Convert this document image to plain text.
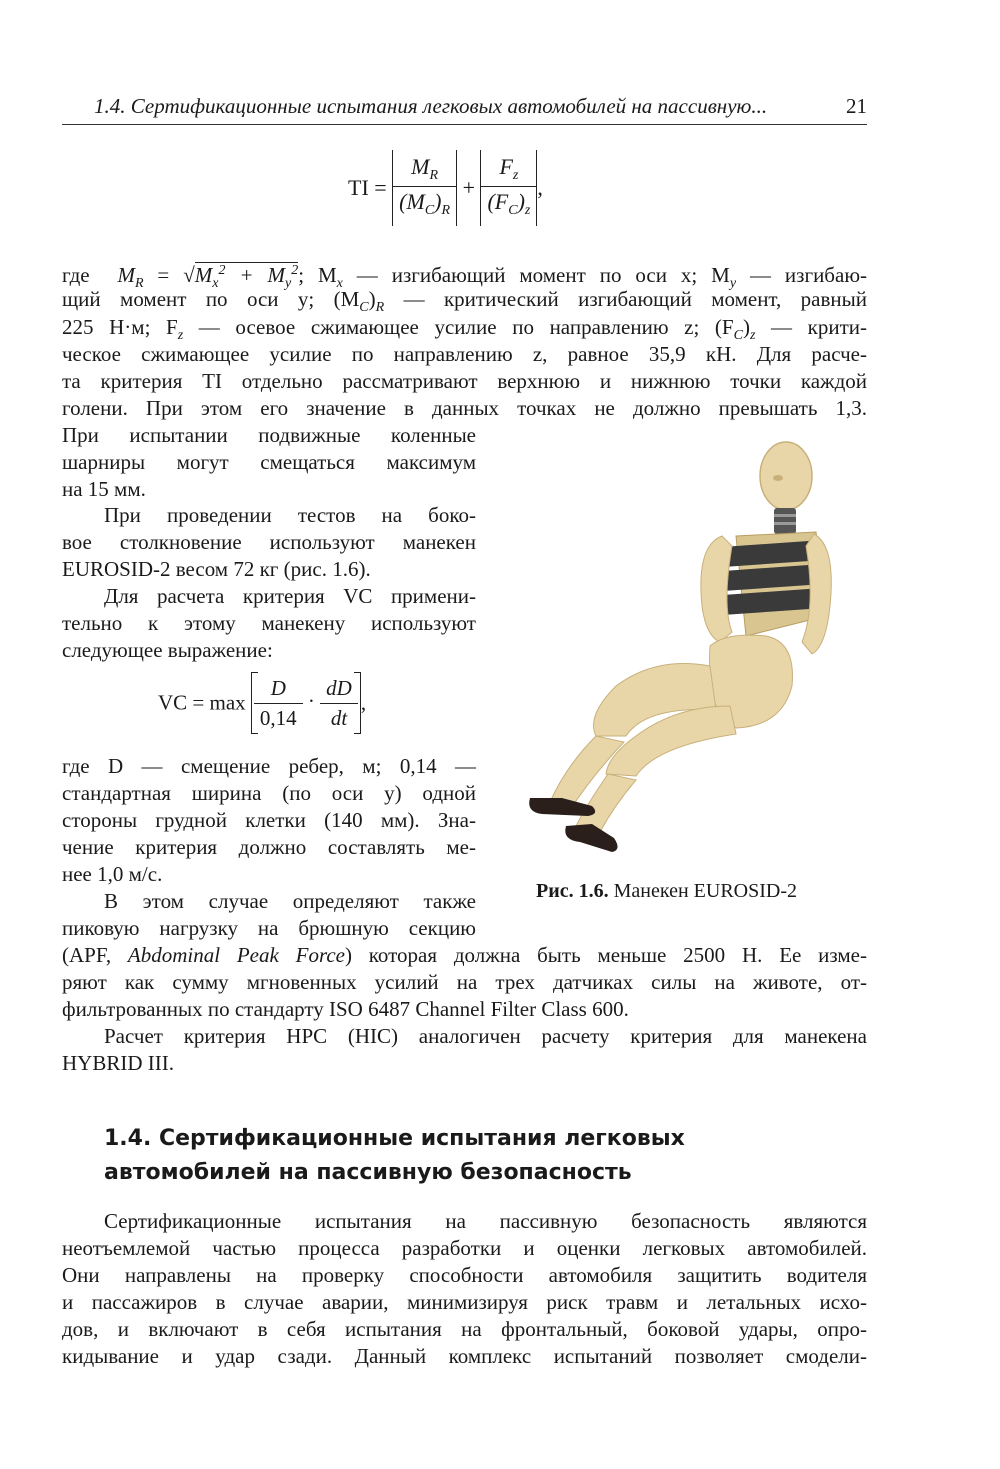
1.4. Сертификационные испытания легковых автомобилей на пассивную...	21
TI = $\frac{M_R}{(M_C)_R} + \frac{F_z}{(F_C)_z}$ ,
где $M_R = √M_x^2 + M_y^2$; $M_x$ — изгибающий момент по оси x; $M_y$ — изгибаю-
щий момент по оси y; $(M_C)_R$ — критический изгибающий момент, равный
225 Н·м; $F_z$ — осевое сжимающее усилие по направлению z; $(F_C)_z$ — крити-
ческое сжимающее усилие по направлению z, равное 35,9 кН. Для расче-
та критерия TI отдельно рассматривают верхнюю и нижнюю точки каждой
голени. При этом его значение в данных точках не должно превышать 1,3.
При испытании подвижные коленные
шарниры могут смещаться максимум
на 15 мм.
При проведении тестов на боко-
вое столкновение используют манекен
EUROSID-2 весом 72 кг (рис. 1.6).
Для расчета критерия VC примени-
тельно к этому манекену используют
следующее выражение:
VC = $\max \frac{D}{0,14} \cdot \frac{dD}{dt}$ ,
где D — смещение ребер, м; 0,14 —
стандартная ширина (по оси y) одной
стороны грудной клетки (140 мм). Зна-
чение критерия должно составлять ме-
нее 1,0 м/с.
В этом случае определяют также
пиковую нагрузку на брюшную секцию
(APF, Abdominal Peak Force) которая должна быть меньше 2500 Н. Ее изме-
ряют как сумму мгновенных усилий на трех датчиках силы на животе, от-
фильтрованных по стандарту ISO 6487 Channel Filter Class 600.
Расчет критерия HPC (HIC) аналогичен расчету критерия для манекена
HYBRID III.
Рис. 1.6. Манекен EUROSID-2
1.4. Сертификационные испытания легковых
автомобилей на пассивную безопасность
Сертификационные испытания на пассивную безопасность являются
неотъемлемой частью процесса разработки и оценки легковых автомобилей.
Они направлены на проверку способности автомобиля защитить водителя
и пассажиров в случае аварии, минимизируя риск травм и летальных исхо-
дов, и включают в себя испытания на фронтальный, боковой удары, опро-
кидывание и удар сзади. Данный комплекс испытаний позволяет смодели-
